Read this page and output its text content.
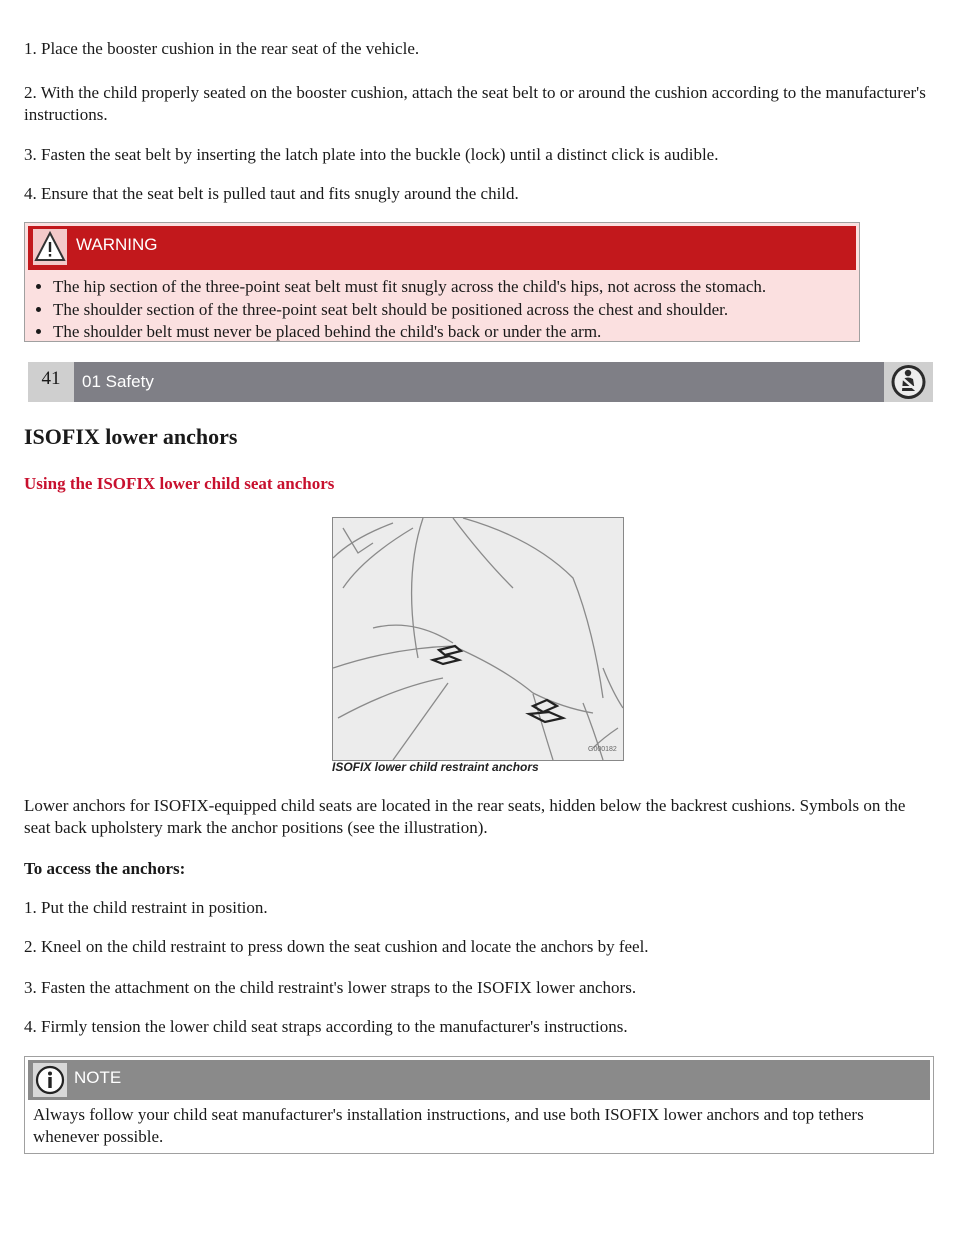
1. Place the booster cushion in the rear seat of the vehicle.

2. With the child properly seated on the booster cushion, attach the seat belt to or around the cushion according to the manufacturer's instructions.

3. Fasten the seat belt by inserting the latch plate into the buckle (lock) until a distinct click is audible.

4. Ensure that the seat belt is pulled taut and fits snugly around the child.

WARNING
• The hip section of the three-point seat belt must fit snugly across the child's hips, not across the stomach.
• The shoulder section of the three-point seat belt should be positioned across the chest and shoulder.
• The shoulder belt must never be placed behind the child's back or under the arm.
41	01 Safety
ISOFIX lower anchors

Using the ISOFIX lower child seat anchors

G000182
ISOFIX lower child restraint anchors

Lower anchors for ISOFIX-equipped child seats are located in the rear seats, hidden below the backrest cushions. Symbols on the seat back upholstery mark the anchor positions (see the illustration).

To access the anchors:

1. Put the child restraint in position.

2. Kneel on the child restraint to press down the seat cushion and locate the anchors by feel.

3. Fasten the attachment on the child restraint's lower straps to the ISOFIX lower anchors.

4. Firmly tension the lower child seat straps according to the manufacturer's instructions.

NOTE
Always follow your child seat manufacturer's installation instructions, and use both ISOFIX lower anchors and top tethers whenever possible.
